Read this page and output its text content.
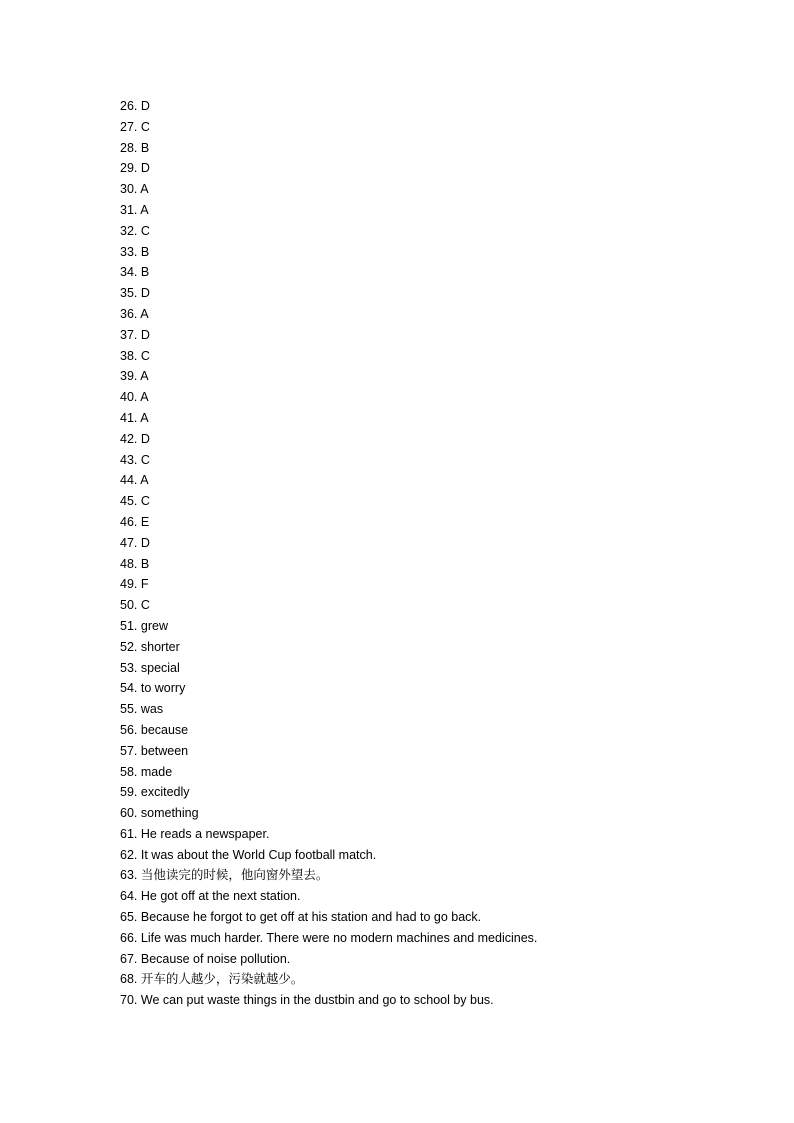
26. D
27. C
28. B
29. D
30. A
31. A
32. C
33. B
34. B
35. D
36. A
37. D
38. C
39. A
40. A
41. A
42. D
43. C
44. A
45. C
46. E
47. D
48. B
49. F
50. C
51. grew
52. shorter
53. special
54. to worry
55. was
56. because
57. between
58. made
59. excitedly
60. something
61. He reads a newspaper.
62. It was about the World Cup football match.
63. 当他读完的时候，他向窗外望去。
64. He got off at the next station.
65. Because he forgot to get off at his station and had to go back.
66. Life was much harder. There were no modern machines and medicines.
67. Because of noise pollution.
68. 开车的人越少，污染就越少。
70. We can put waste things in the dustbin and go to school by bus.
